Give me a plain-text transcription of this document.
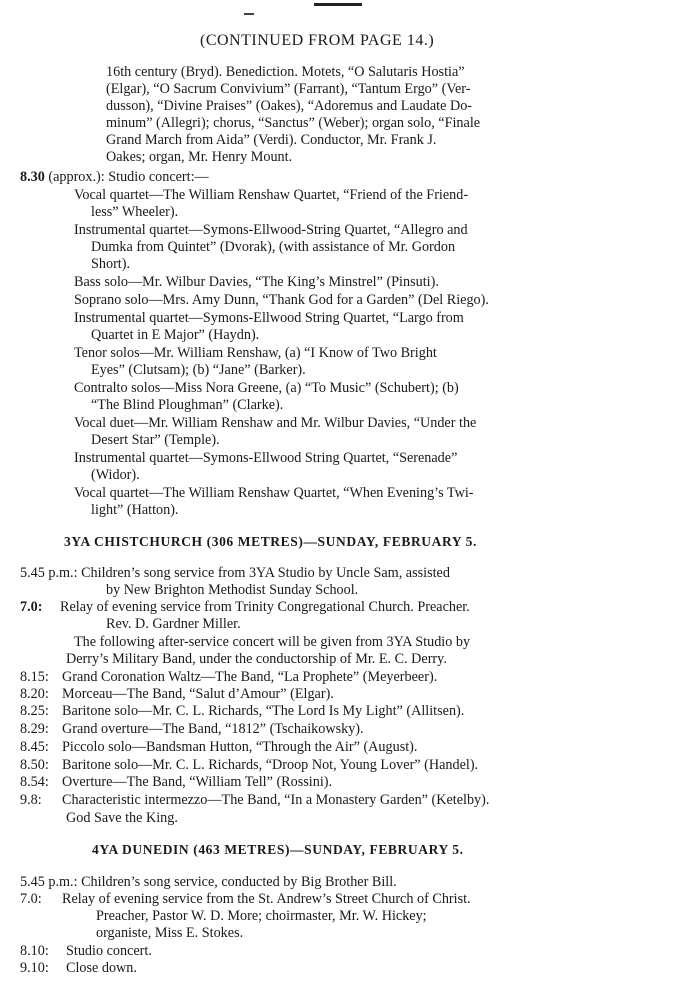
(CONTINUED FROM PAGE 14.)
16th century (Bryd). Benediction. Motets, “O Salutaris Hostia”
(Elgar), “O Sacrum Convivium” (Farrant), “Tantum Ergo” (Ver-
dusson), “Divine Praises” (Oakes), “Adoremus and Laudate Do-
minum” (Allegri); chorus, “Sanctus” (Weber); organ solo, “Finale
Grand March from Aida” (Verdi). Conductor, Mr. Frank J.
Oakes; organ, Mr. Henry Mount.
8.30 (approx.): Studio concert:—
Vocal quartet—The William Renshaw Quartet, “Friend of the Friend-
less” Wheeler).
Instrumental quartet—Symons-Ellwood-String Quartet, “Allegro and
Dumka from Quintet” (Dvorak), (with assistance of Mr. Gordon
Short).
Bass solo—Mr. Wilbur Davies, “The King’s Minstrel” (Pinsuti).
Soprano solo—Mrs. Amy Dunn, “Thank God for a Garden” (Del Riego).
Instrumental quartet—Symons-Ellwood String Quartet, “Largo from
Quartet in E Major” (Haydn).
Tenor solos—Mr. William Renshaw, (a) “I Know of Two Bright
Eyes” (Clutsam); (b) “Jane” (Barker).
Contralto solos—Miss Nora Greene, (a) “To Music” (Schubert); (b)
“The Blind Ploughman” (Clarke).
Vocal duet—Mr. William Renshaw and Mr. Wilbur Davies, “Under the
Desert Star” (Temple).
Instrumental quartet—Symons-Ellwood String Quartet, “Serenade”
(Widor).
Vocal quartet—The William Renshaw Quartet, “When Evening’s Twi-
light” (Hatton).
3YA CHISTCHURCH (306 METRES)—SUNDAY, FEBRUARY 5.
5.45 p.m.: Children’s song service from 3YA Studio by Uncle Sam, assisted
by New Brighton Methodist Sunday School.
7.0: Relay of evening service from Trinity Congregational Church. Preacher.
Rev. D. Gardner Miller.
The following after-service concert will be given from 3YA Studio by
Derry’s Military Band, under the conductorship of Mr. E. C. Derry.
8.15: Grand Coronation Waltz—The Band, “La Prophete” (Meyerbeer).
8.20: Morceau—The Band, “Salut d’Amour” (Elgar).
8.25: Baritone solo—Mr. C. L. Richards, “The Lord Is My Light” (Allitsen).
8.29: Grand overture—The Band, “1812” (Tschaikowsky).
8.45: Piccolo solo—Bandsman Hutton, “Through the Air” (August).
8.50: Baritone solo—Mr. C. L. Richards, “Droop Not, Young Lover” (Handel).
8.54: Overture—The Band, “William Tell” (Rossini).
9.8: Characteristic intermezzo—The Band, “In a Monastery Garden” (Ketelby).
God Save the King.
4YA DUNEDIN (463 METRES)—SUNDAY, FEBRUARY 5.
5.45 p.m.: Children’s song service, conducted by Big Brother Bill.
7.0: Relay of evening service from the St. Andrew’s Street Church of Christ.
Preacher, Pastor W. D. More; choirmaster, Mr. W. Hickey;
organiste, Miss E. Stokes.
8.10: Studio concert.
9.10: Close down.
